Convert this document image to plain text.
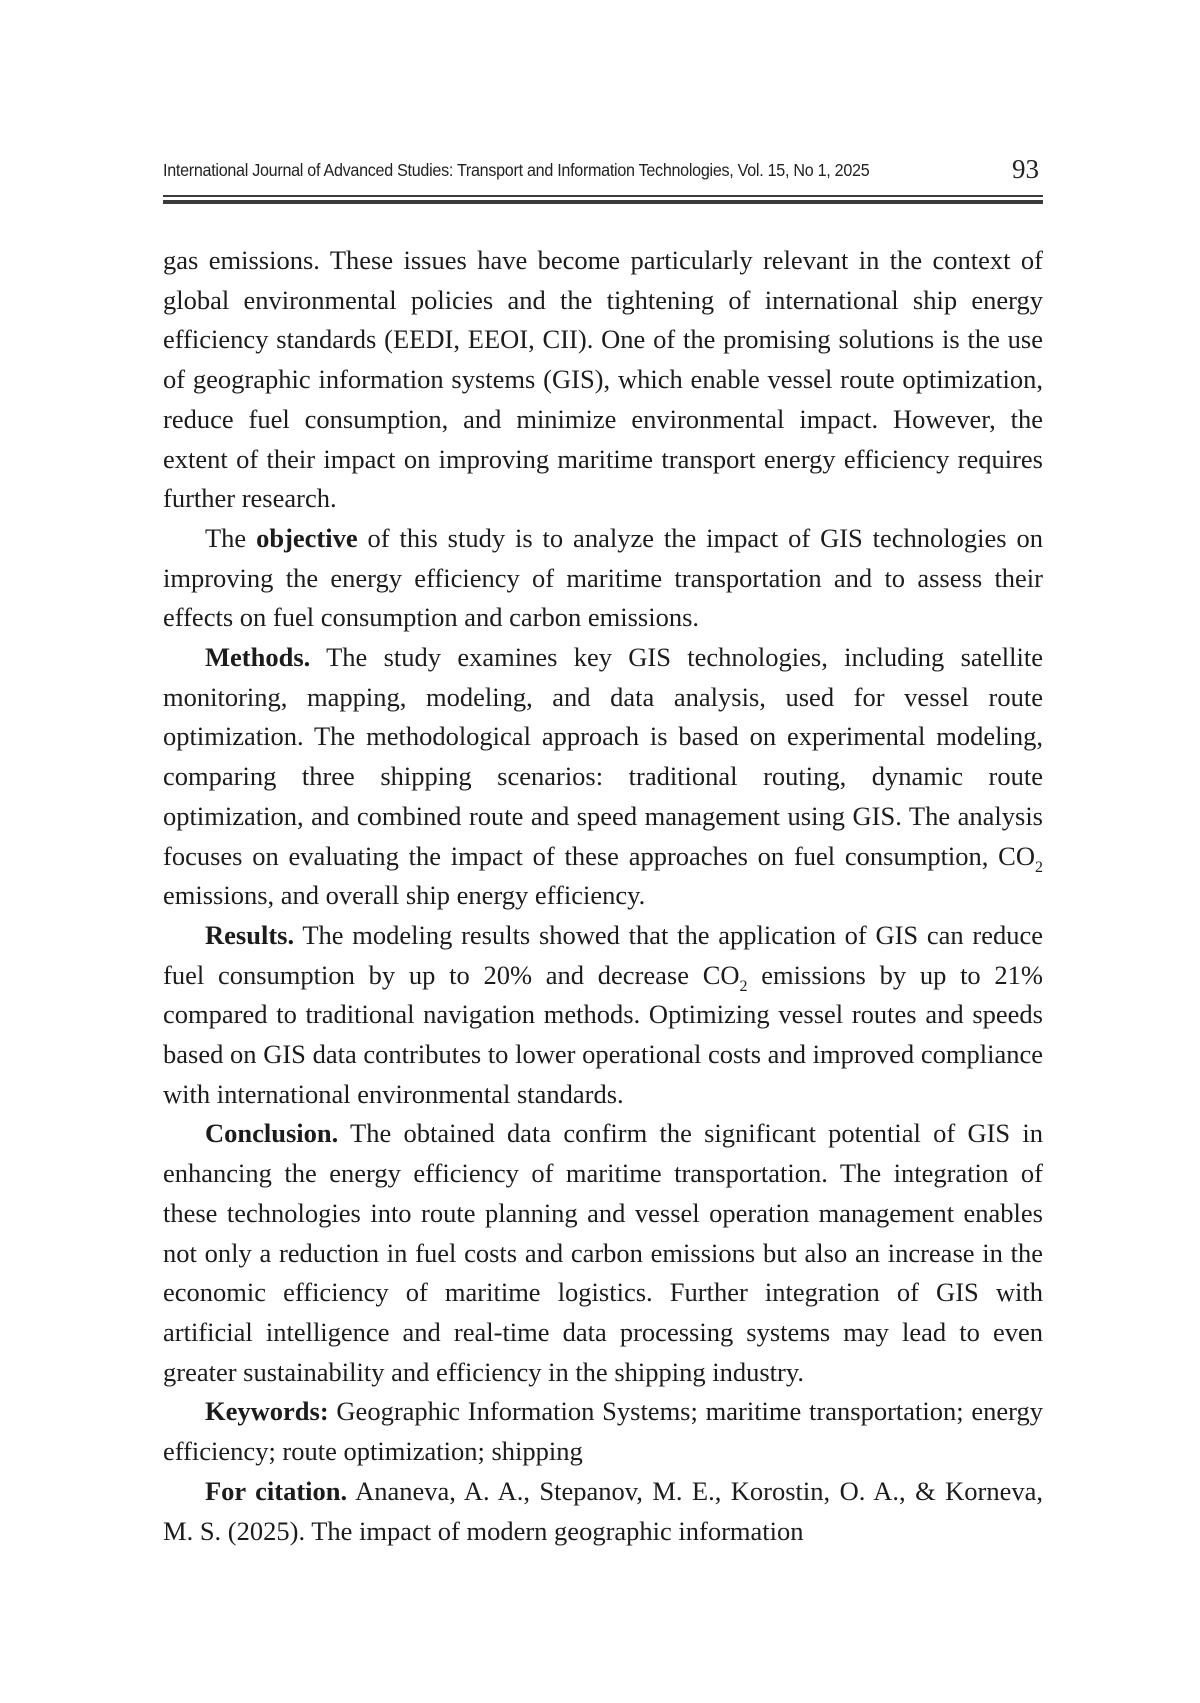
International Journal of Advanced Studies: Transport and Information Technologies, Vol. 15, No 1, 2025	93

gas emissions. These issues have become particularly relevant in the context of global environmental policies and the tightening of international ship energy efficiency standards (EEDI, EEOI, CII). One of the promising solutions is the use of geographic information systems (GIS), which enable vessel route optimization, reduce fuel consumption, and minimize environmental impact. However, the extent of their impact on improving maritime transport energy efficiency requires further research.

The objective of this study is to analyze the impact of GIS technologies on improving the energy efficiency of maritime transportation and to assess their effects on fuel consumption and carbon emissions.

Methods. The study examines key GIS technologies, including satellite monitoring, mapping, modeling, and data analysis, used for vessel route optimization. The methodological approach is based on experimental modeling, comparing three shipping scenarios: traditional routing, dynamic route optimization, and combined route and speed management using GIS. The analysis focuses on evaluating the impact of these approaches on fuel consumption, $CO_2$ emissions, and overall ship energy efficiency.

Results. The modeling results showed that the application of GIS can reduce fuel consumption by up to 20% and decrease $CO_2$ emissions by up to 21% compared to traditional navigation methods. Optimizing vessel routes and speeds based on GIS data contributes to lower operational costs and improved compliance with international environmental standards.

Conclusion. The obtained data confirm the significant potential of GIS in enhancing the energy efficiency of maritime transportation. The integration of these technologies into route planning and vessel operation management enables not only a reduction in fuel costs and carbon emissions but also an increase in the economic efficiency of maritime logistics. Further integration of GIS with artificial intelligence and real-time data processing systems may lead to even greater sustainability and efficiency in the shipping industry.

Keywords: Geographic Information Systems; maritime transportation; energy efficiency; route optimization; shipping

For citation. Ananeva, A. A., Stepanov, M. E., Korostin, O. A., & Korneva, M. S. (2025). The impact of modern geographic information
